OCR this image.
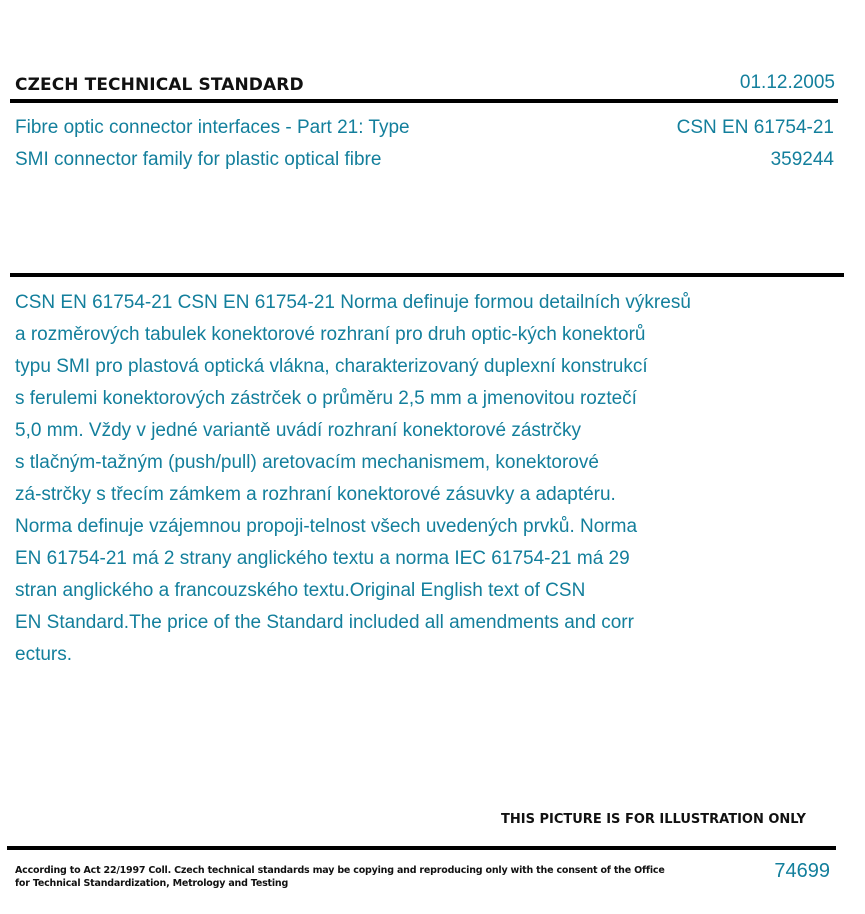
CZECH TECHNICAL STANDARD	01.12.2005
Fibre optic connector interfaces - Part 21: Type
SMI connector family for plastic optical fibre
CSN EN 61754-21
359244
CSN EN 61754-21 CSN EN 61754-21 Norma definuje formou detailních výkresů
a rozměrových tabulek konektorové rozhraní pro druh optic-kých konektorů
typu SMI pro plastová optická vlákna, charakterizovaný duplexní konstrukcí
s ferulemi konektorových zástrček o průměru 2,5 mm a jmenovitou roztečí
5,0 mm. Vždy v jedné variantě uvádí rozhraní konektorové zástrčky
s tlačným-tažným (push/pull) aretovacím mechanismem, konektorové
zá-strčky s třecím zámkem a rozhraní konektorové zásuvky a adaptéru.
Norma definuje vzájemnou propoji-telnost všech uvedených prvků. Norma
EN 61754-21 má 2 strany anglického textu a norma IEC 61754-21 má 29
stran anglického a francouzského textu.Original English text of CSN
EN Standard.The price of the Standard included all amendments and corr
ecturs.
THIS PICTURE IS FOR ILLUSTRATION ONLY
According to Act 22/1997 Coll. Czech technical standards may be copying and reproducing only with the consent of the Office
for Technical Standardization, Metrology and Testing
74699
